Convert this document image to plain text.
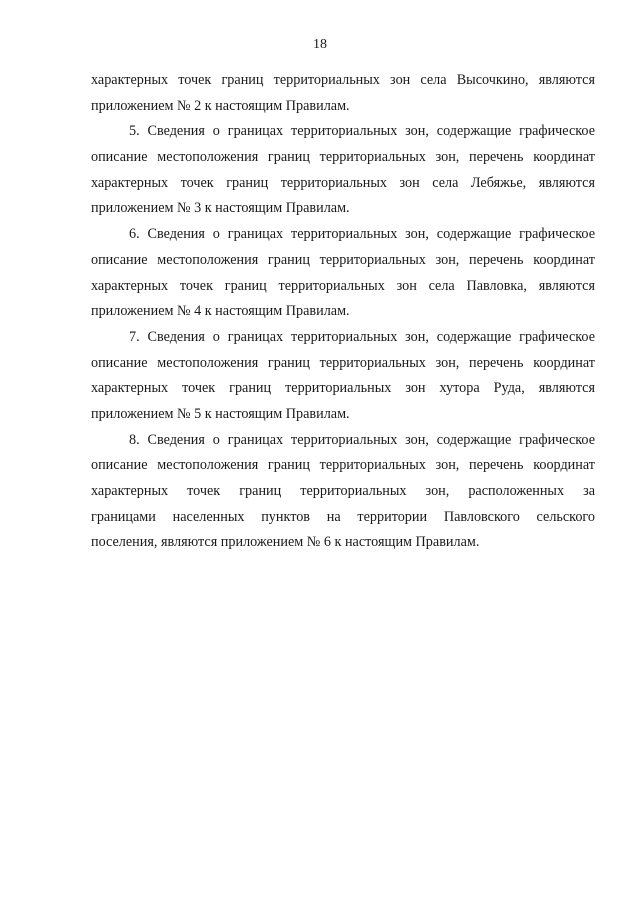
18
характерных точек границ территориальных зон села Высочкино, являются
приложением № 2 к настоящим Правилам.
5. Сведения о границах территориальных зон, содержащие графическое
описание местоположения границ территориальных зон, перечень координат
характерных точек границ территориальных зон села Лебяжье, являются
приложением № 3 к настоящим Правилам.
6. Сведения о границах территориальных зон, содержащие графическое
описание местоположения границ территориальных зон, перечень координат
характерных точек границ территориальных зон села Павловка, являются
приложением № 4 к настоящим Правилам.
7. Сведения о границах территориальных зон, содержащие графическое
описание местоположения границ территориальных зон, перечень координат
характерных точек границ территориальных зон хутора Руда, являются
приложением № 5 к настоящим Правилам.
8. Сведения о границах территориальных зон, содержащие графическое
описание местоположения границ территориальных зон, перечень координат
характерных точек границ территориальных зон, расположенных за
границами населенных пунктов на территории Павловского сельского
поселения, являются приложением № 6 к настоящим Правилам.
